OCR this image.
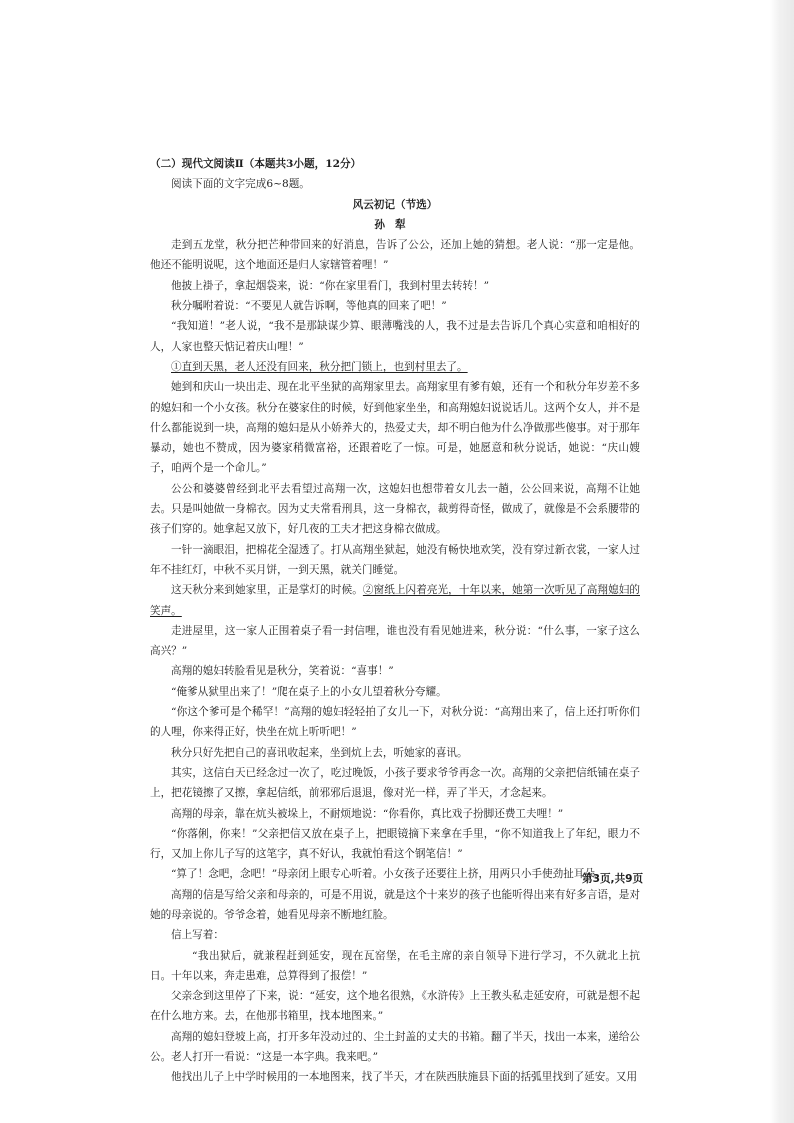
（二）现代文阅读Ⅱ（本题共3小题，12分）

阅读下面的文字完成6~8题。

风云初记（节选）

孙犁

走到五龙堂，秋分把芒种带回来的好消息，告诉了公公，还加上她的猜想。老人说：“那一定是他。他还不能明说呢，这个地面还是归人家辖管着哩！”

他披上褂子，拿起烟袋来，说：“你在家里看门，我到村里去转转！”

秋分嘱咐着说：“不要见人就告诉啊，等他真的回来了吧！”

“我知道！”老人说，“我不是那缺谋少算、眼薄嘴浅的人，我不过是去告诉几个真心实意和咱相好的人，人家也整天惦记着庆山哩！”

①直到天黑，老人还没有回来，秋分把门锁上，也到村里去了。

她到和庆山一块出走、现在北平坐狱的高翔家里去。高翔家里有爹有娘，还有一个和秋分年岁差不多的媳妇和一个小女孩。秋分在婆家住的时候，好到他家坐坐，和高翔媳妇说说话儿。这两个女人，并不是什么都能说到一块，高翔的媳妇是从小娇养大的，热爱丈夫，却不明白他为什么净做那些傻事。对于那年暴动，她也不赞成，因为婆家稍微富裕，还跟着吃了一惊。可是，她愿意和秋分说话，她说：“庆山嫂子，咱两个是一个命儿。”

公公和婆婆曾经到北平去看望过高翔一次，这媳妇也想带着女儿去一趟，公公回来说，高翔不让她去。只是叫她做一身棉衣。因为丈夫常看刑具，这一身棉衣，裁剪得奇怪，做成了，就像是不会系腰带的孩子们穿的。她拿起又放下，好几夜的工夫才把这身棉衣做成。

一针一滴眼泪，把棉花全湿透了。打从高翔坐狱起，她没有畅快地欢笑，没有穿过新衣裳，一家人过年不挂红灯，中秋不买月饼，一到天黑，就关门睡觉。

这天秋分来到她家里，正是掌灯的时候。②窗纸上闪着亮光，十年以来，她第一次听见了高翔媳妇的笑声。

走进屋里，这一家人正围着桌子看一封信哩，谁也没有看见她进来，秋分说：“什么事，一家子这么高兴？”

高翔的媳妇转脸看见是秋分，笑着说：“喜事！”

“俺爹从狱里出来了！”爬在桌子上的小女儿望着秋分夸耀。

“你这个爹可是个稀罕！”高翔的媳妇轻轻拍了女儿一下，对秋分说：“高翔出来了，信上还打听你们的人哩，你来得正好，快坐在炕上听听吧！”

秋分只好先把自己的喜讯收起来，坐到炕上去，听她家的喜讯。

其实，这信白天已经念过一次了，吃过晚饭，小孩子要求爷爷再念一次。高翔的父亲把信纸铺在桌子上，把花镜擦了又擦，拿起信纸，前邪邪后退退，像对光一样，弄了半天，才念起来。

高翔的母亲，靠在炕头被垛上，不耐烦地说：“你看你，真比戏子扮脚还费工夫哩！”

“你落俐，你来！”父亲把信又放在桌子上，把眼镜摘下来拿在手里，“你不知道我上了年纪，眼力不行，又加上你儿子写的这笔字，真不好认，我就怕看这个钢笔信！”

“算了！念吧，念吧！”母亲闭上眼专心听着。小女孩子还要往上挤，用两只小手使劲扯耳朵。

高翔的信是写给父亲和母亲的，可是不用说，就是这个十来岁的孩子也能听得出来有好多言语，是对她的母亲说的。爷爷念着，她看见母亲不断地红脸。

信上写着：

“我出狱后，就兼程赶到延安，现在瓦窑堡，在毛主席的亲自领导下进行学习，不久就北上抗日。十年以来，奔走患难，总算得到了报偿！”

父亲念到这里停了下来，说：“延安，这个地名很熟，《水浒传》上王教头私走延安府，可就是想不起在什么地方来。去，在他那书箱里，找本地图来。”

高翔的媳妇登坡上高，打开多年没动过的、尘土封盖的丈夫的书箱。翻了半天，找出一本来，递给公公。老人打开一看说：“这是一本字典。我来吧。”

他找出儿子上中学时候用的一本地图来，找了半天，才在陕西肤施县下面的括弧里找到了延安。又用

第3页,共9页
